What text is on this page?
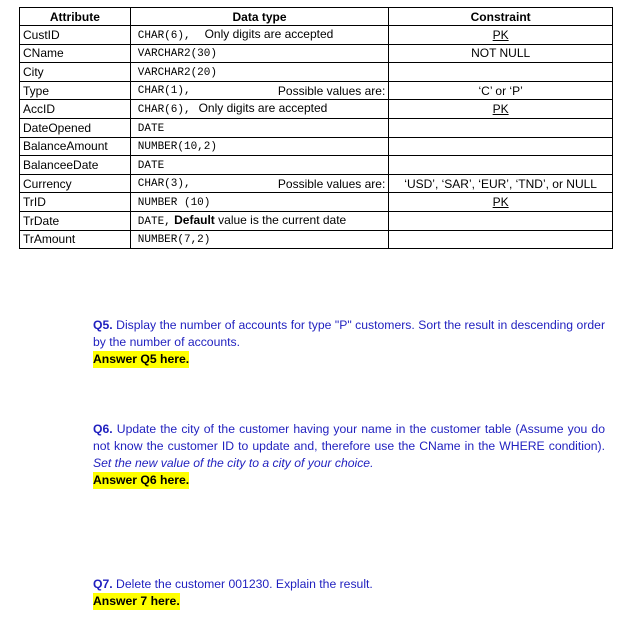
Attribute	Data type	Constraint
CustID	CHAR(6), Only digits are accepted	PK
CName	VARCHAR2(30)	NOT NULL
City	VARCHAR2(20)	
Type	CHAR(1), Possible values are:	‘C’ or ‘P’
AccID	CHAR(6), Only digits are accepted	PK
DateOpened	DATE	
BalanceAmount	NUMBER(10,2)	
BalanceeDate	DATE	
Currency	CHAR(3), Possible values are:	‘USD’, ‘SAR’, ‘EUR’, ‘TND’, or NULL
TrID	NUMBER (10)	PK
TrDate	DATE, Default value is the current date	
TrAmount	NUMBER(7,2)	
Q5. Display the number of accounts for type "P" customers. Sort the result in descending order by the number of accounts.
Answer Q5 here.
Q6. Update the city of the customer having your name in the customer table (Assume you do not know the customer ID to update and, therefore use the CName in the WHERE condition). Set the new value of the city to a city of your choice.
Answer Q6 here.
Q7. Delete the customer 001230. Explain the result.
Answer 7 here.
